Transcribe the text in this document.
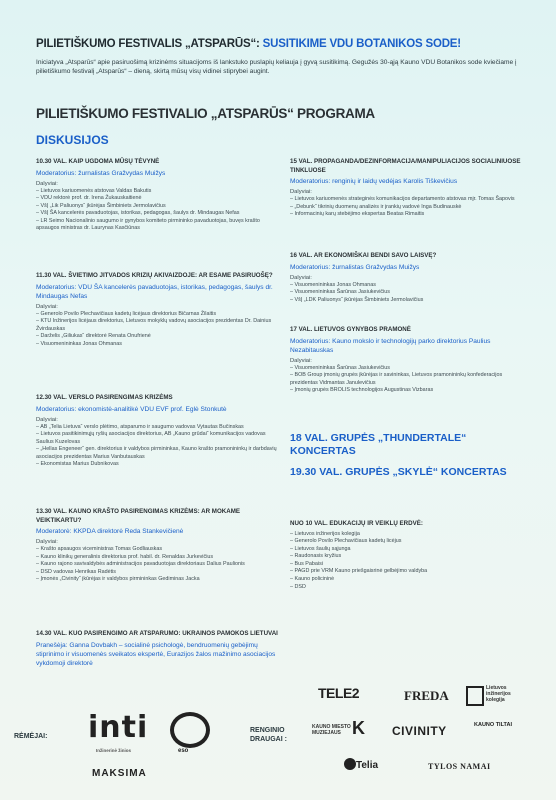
PILIETIŠKUMO FESTIVALIS „ATSPARŪS“: SUSITIKIME VDU BOTANIKOS SODE!
Iniciatyva „Atsparūs“ apie pasiruošimą krizinėms situacijoms iš lankstuko puslapių keliauja į gyvą susitikimą. Gegužės 30-ąją Kauno VDU Botanikos sode kviečiame į pilietiškumo festivalį „Atsparūs“ – dieną, skirtą mūsų visų vidinei stiprybei augint.
PILIETIŠKUMO FESTIVALIO „ATSPARŪS“ PROGRAMA
DISKUSIJOS
10.30 VAL. KAIP UGDOMA MŪSŲ TĖVYNĖ
Moderatorius: žurnalistas Gražvydas Muižys
Dalyviai:
– Lietuvos kariuomenės atstovas Valdas Bakutis
– VDU rektorė prof. dr. Irena Žukauskaitienė
– VšĮ „Lik Paliuonys“ įkūrėjas Šimbiniets Jermolavičius
– VšĮ ŠA kancelerės pavaduotojas, istorikas, pedagogas, šaulys dr. Mindaugas Nefas
– LR Seimo Nacionalinio saugumo ir gynybos komiteto pirmininko pavaduotojas, buvęs krašto apsaugos ministras dr. Laurynas Kasčiūnas
11.30 VAL. ŠVIETIMO JITVADOS KRIZIŲ AKIVAIZDOJE: AR ESAME PASIRUOŠĘ?
Moderatorius: VDU ŠA kancelerės pavaduotojas, istorikas, pedagogas, šaulys dr. Mindaugas Nefas
Dalyviai:
– Generolo Povilo Plechavičiaus kadetų licėjaus direktorius Bičarnas Žilaitis
– KTU Inžinerijos licėjaus direktorius, Lietuvos mokyklų vadovų asociacijos prezidentas Dr. Dainius Žvirdauskas
– Darželis „Giliukas“ direktorė Renata Onufrienė
– Visuomenininkas Jonas Ohmanas
12.30 VAL. VERSLO PASIRENGIMAS KRIZĖMS
Moderatorius: ekonomistė-analitikė VDU EVF prof. Eglė Stonkutė
Dalyviai:
– AB „Telia Lietuva“ verslo plėtimo, atsparumo ir saugumo vadovas Vytautas Bučinskas
– Lietuvos pasitikinimųjų ryšių asociacijos direktorius, AB „Kauno grūdai“ komunikacijos vadovas Saulius Kuzelovas
– „Hellas Engeneer“ gen. direktorius ir valdybos pirmininkas, Kauno krašto pramonininkų ir darbdavių asociacijos prezidentas Marius Vanbutauskas
– Ekonomistas Marius Dubnikovas
13.30 VAL. KAUNO KRAŠTO PASIRENGIMAS KRIZĖMS: AR MOKAME VEIKTIKARTU?
Moderatorė: KKPDA direktorė Reda Stankevičienė
Dalyviai:
– Krašto apsaugos viceministras Tomas Godliauskas
– Kauno klinikų generalinis direktorius prof. habil. dr. Renaldas Jurkevičius
– Kauno rajono savivaldybės administracijos pavaduotojas direktoriaus Dalius Paulionis
– DSD vadovas Henrikas Radėtis
– Įmonės „Civinity“ įkūrėjas ir valdybos pirmininkas Gediminas Jacka
14.30 VAL. KUO PASIRENGIMO AR ATSPARUMO: UKRAINOS PAMOKOS LIETUVAI
Pranešėja: Ganna Dovbakh – socialinė psichologė, bendruomenių gebėjimų stiprinimo ir visuomenės sveikatos ekspertė, Eurazijos žalos mažinimo asociacijos vykdomoji direktorė
15 VAL. PROPAGANDA/DEZINFORMACIJA/MANIPULIACIJOS SOCIALINIUOSE TINKLUOSE
Moderatorius: renginių ir laidų vedėjas Karolis Tiškevičius
Dalyviai:
– Lietuvos kariuomenės strateginės komunikacijos departamento atstovas mjr. Tomas Šapovis
– „Debunk“ tikrinių duomenų analizės ir įrankių vadovė Inga Budinauskė
– Informacinių karų stebėjimo ekspertas Beatas Rimaitis
16 VAL. AR EKONOMIŠKAI BENDI SAVO LAISVĘ?
Moderatorius: žurnalistas Gražvydas Muižys
Dalyviai:
– Visuomenininkas Jonas Ohmanas
– Visuomenininkas Šarūnas Jasiukevičius
– VšĮ „LDK Paliuonys“ įkūrėjas Šimbiniets Jermolavičius
17 VAL. LIETUVOS GYNYBOS PRAMONĖ
Moderatorius: Kauno mokslo ir technologijų parko direktorius Paulius Nezabitauskas
Dalyviai:
– Visuomenininkas Šarūnas Jasiukevičius
– BOB Group įmonių grupės įkūrėjas ir savininkas, Lietuvos pramonininkų konfederacijos prezidentas Vidmantas Janulevičius
– Įmonių grupės BROLIS technologijos Augustinas Vizbaras
NUO 10 VAL. EDUKACIJŲ IR VEIKLŲ ERDVĖ:
– Lietuvos inžinerijos kolegija
– Generolo Povilo Plechavičiaus kadetų licėjus
– Lietuvos šaulių sąjunga
– Raudonasis kryžius
– Bus Pabaisi
– PAGD prie VRM Kauno priešgaisrinė gelbėjimo valdyba
– Kauno policininė
– DSD
18 VAL. GRUPĖS „THUNDERTALE“ KONCERTAS
19.30 VAL. GRUPĖS „SKYLĖ“ KONCERTAS
RĖMĖJAI:
RENGINIO DRAUGAI :
inti
Inžinerinė žinios	eso
MAKSIMA
TELE2	FREDA	Lietuvos inžinerijos kolegija
KAUNO MIESTO MUZIEJAUS K CIVINITY	KAUNO TILTAI
Telia	TYLOS NAMAI
